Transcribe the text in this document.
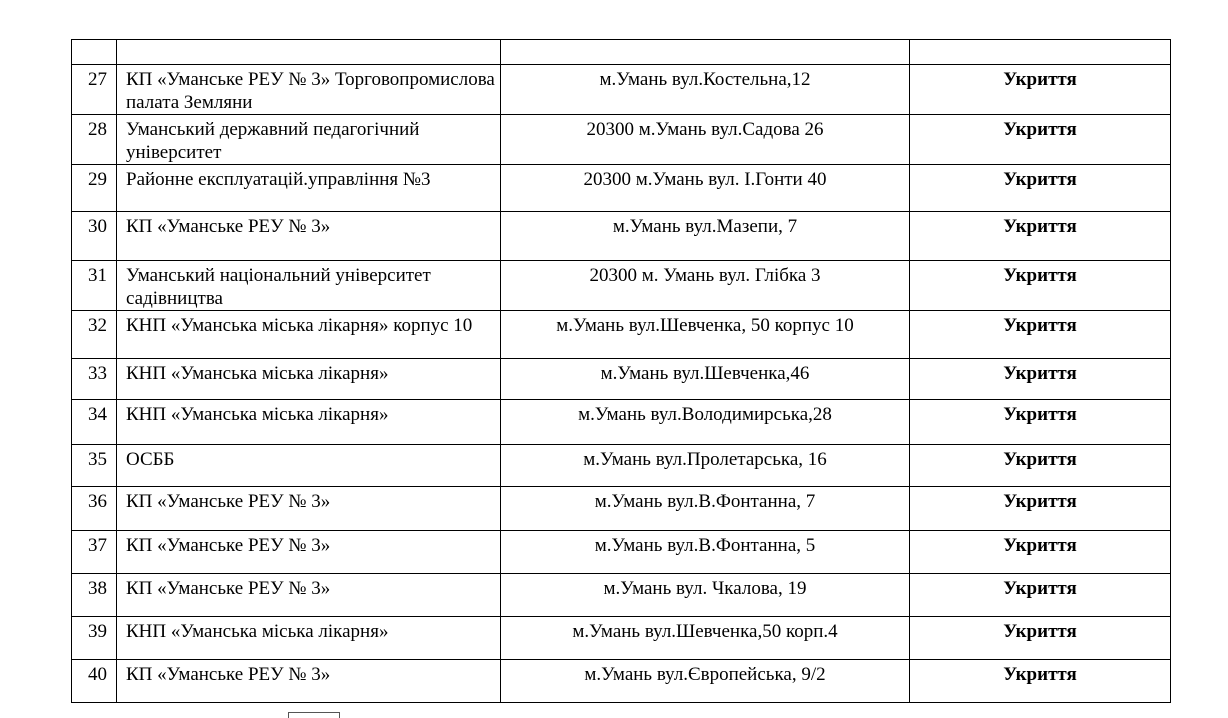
27	КП «Уманське РЕУ № 3» Торговопромислова палата Земляни	м.Умань вул.Костельна,12	Укриття
28	Уманський державний педагогічний університет	20300 м.Умань вул.Садова 26	Укриття
29	Районне експлуатацій.управління №3	20300 м.Умань вул. І.Гонти 40	Укриття
30	КП «Уманське РЕУ № 3»	м.Умань вул.Мазепи, 7	Укриття
31	Уманський національний університет садівництва	20300 м. Умань вул. Глібка 3	Укриття
32	КНП «Уманська міська лікарня» корпус 10	м.Умань вул.Шевченка, 50 корпус 10	Укриття
33	КНП «Уманська міська лікарня»	м.Умань вул.Шевченка,46	Укриття
34	КНП «Уманська міська лікарня»	м.Умань вул.Володимирська,28	Укриття
35	ОСББ	м.Умань вул.Пролетарська, 16	Укриття
36	КП «Уманське РЕУ № 3»	м.Умань вул.В.Фонтанна, 7	Укриття
37	КП «Уманське РЕУ № 3»	м.Умань вул.В.Фонтанна, 5	Укриття
38	КП «Уманське РЕУ № 3»	м.Умань вул. Чкалова, 19	Укриття
39	КНП «Уманська міська лікарня»	м.Умань вул.Шевченка,50 корп.4	Укриття
40	КП «Уманське РЕУ № 3»	м.Умань вул.Європейська, 9/2	Укриття
